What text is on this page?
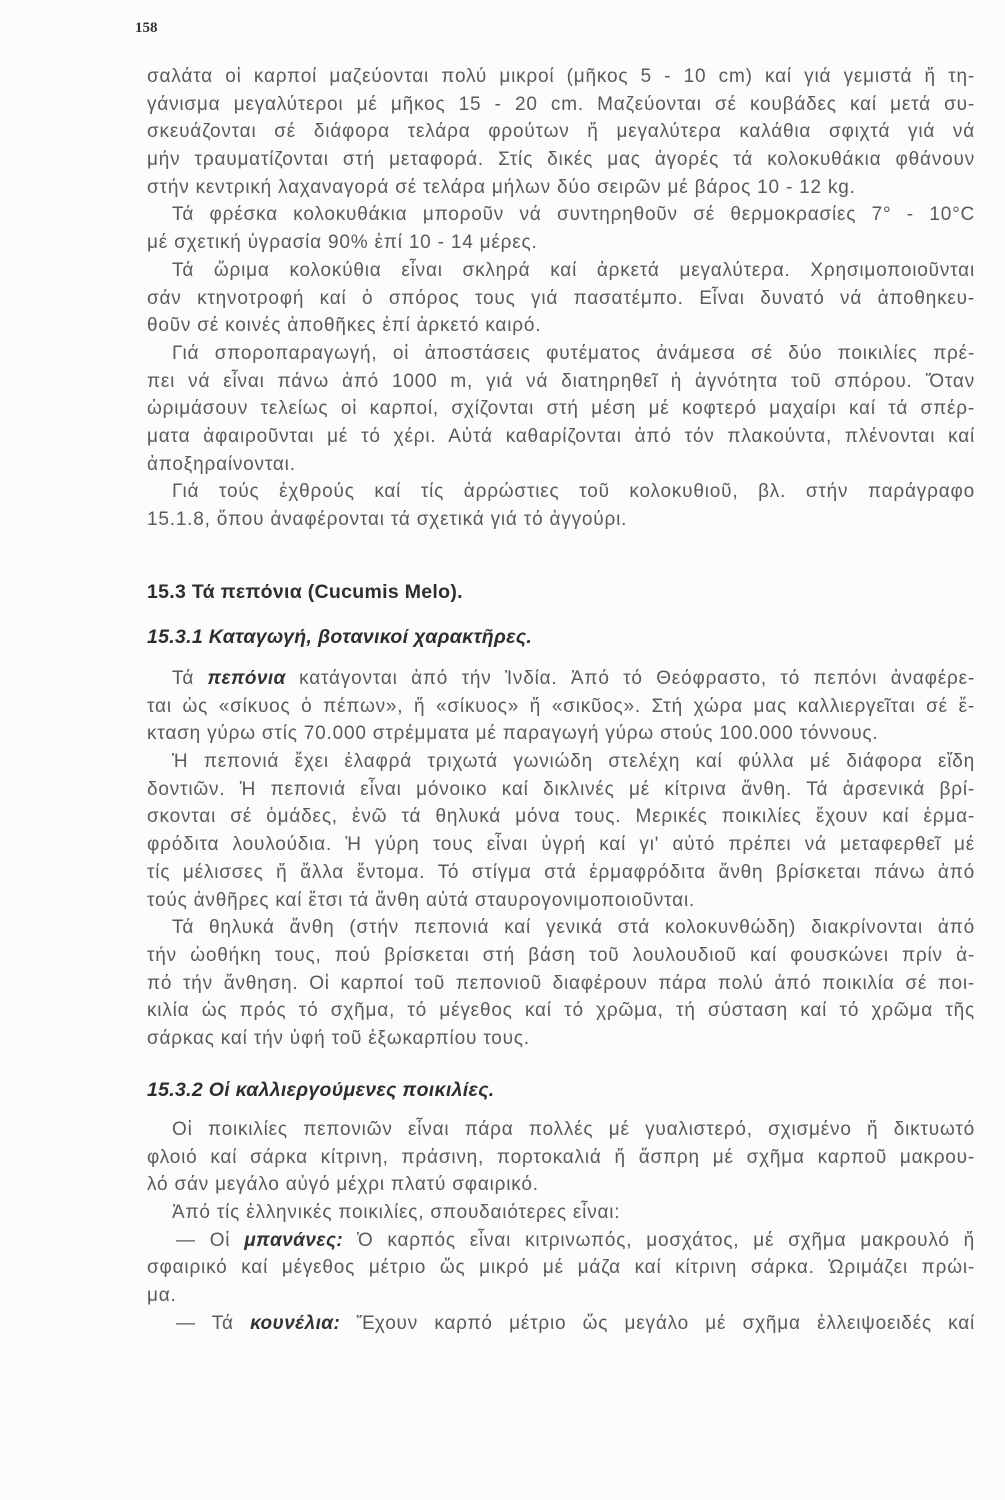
158
σαλάτα οἱ καρποί μαζεύονται πολύ μικροί (μῆκος 5 - 10 cm) καί γιά γεμιστά ἤ τη-
γάνισμα μεγαλύτεροι μέ μῆκος 15 - 20 cm. Μαζεύονται σέ κουβάδες καί μετά συ-
σκευάζονται σέ διάφορα τελάρα φρούτων ἤ μεγαλύτερα καλάθια σφιχτά γιά νά
μήν τραυματίζονται στή μεταφορά. Στίς δικές μας ἀγορές τά κολοκυθάκια φθάνουν
στήν κεντρική λαχαναγορά σέ τελάρα μήλων δύο σειρῶν μέ βάρος 10 - 12 kg.
Τά φρέσκα κολοκυθάκια μποροῦν νά συντηρηθοῦν σέ θερμοκρασίες 7° - 10°C
μέ σχετική ὑγρασία 90% ἐπί 10 - 14 μέρες.
Τά ὥριμα κολοκύθια εἶναι σκληρά καί ἀρκετά μεγαλύτερα. Χρησιμοποιοῦνται
σάν κτηνοτροφή καί ὁ σπόρος τους γιά πασατέμπο. Εἶναι δυνατό νά ἀποθηκευ-
θοῦν σέ κοινές ἀποθῆκες ἐπί ἀρκετό καιρό.
Γιά σποροπαραγωγή, οἱ ἀποστάσεις φυτέματος ἀνάμεσα σέ δύο ποικιλίες πρέ-
πει νά εἶναι πάνω ἀπό 1000 m, γιά νά διατηρηθεῖ ἡ ἁγνότητα τοῦ σπόρου. Ὅταν
ὡριμάσουν τελείως οἱ καρποί, σχίζονται στή μέση μέ κοφτερό μαχαίρι καί τά σπέρ-
ματα ἀφαιροῦνται μέ τό χέρι. Αὐτά καθαρίζονται ἀπό τόν πλακούντα, πλένονται καί
ἀποξηραίνονται.
Γιά τούς ἐχθρούς καί τίς ἀρρώστιες τοῦ κολοκυθιοῦ, βλ. στήν παράγραφο
15.1.8, ὅπου ἀναφέρονται τά σχετικά γιά τό ἀγγούρι.
15.3 Τά πεπόνια (Cucumis Melo).
15.3.1 Καταγωγή, βοτανικοί χαρακτῆρες.
Τά πεπόνια κατάγονται ἀπό τήν Ἰνδία. Ἀπό τό Θεόφραστο, τό πεπόνι ἀναφέρε-
ται ὡς «σίκυος ὁ πέπων», ἤ «σίκυος» ἤ «σικῦος». Στή χώρα μας καλλιεργεῖται σέ ἔ-
κταση γύρω στίς 70.000 στρέμματα μέ παραγωγή γύρω στούς 100.000 τόννους.
Ἡ πεπονιά ἔχει ἐλαφρά τριχωτά γωνιώδη στελέχη καί φύλλα μέ διάφορα εἴδη
δοντιῶν. Ἡ πεπονιά εἶναι μόνοικο καί δικλινές μέ κίτρινα ἄνθη. Τά ἀρσενικά βρί-
σκονται σέ ὁμάδες, ἐνῶ τά θηλυκά μόνα τους. Μερικές ποικιλίες ἔχουν καί ἑρμα-
φρόδιτα λουλούδια. Ἡ γύρη τους εἶναι ὑγρή καί γι' αὐτό πρέπει νά μεταφερθεῖ μέ
τίς μέλισσες ἤ ἄλλα ἔντομα. Τό στίγμα στά ἑρμαφρόδιτα ἄνθη βρίσκεται πάνω ἀπό
τούς ἀνθῆρες καί ἔτσι τά ἄνθη αὐτά σταυρογονιμοποιοῦνται.
Τά θηλυκά ἄνθη (στήν πεπονιά καί γενικά στά κολοκυνθώδη) διακρίνονται ἀπό
τήν ὠοθήκη τους, πού βρίσκεται στή βάση τοῦ λουλουδιοῦ καί φουσκώνει πρίν ἀ-
πό τήν ἄνθηση. Οἱ καρποί τοῦ πεπονιοῦ διαφέρουν πάρα πολύ ἀπό ποικιλία σέ ποι-
κιλία ὡς πρός τό σχῆμα, τό μέγεθος καί τό χρῶμα, τή σύσταση καί τό χρῶμα τῆς
σάρκας καί τήν ὑφή τοῦ ἐξωκαρπίου τους.
15.3.2 Οἱ καλλιεργούμενες ποικιλίες.
Οἱ ποικιλίες πεπονιῶν εἶναι πάρα πολλές μέ γυαλιστερό, σχισμένο ἤ δικτυωτό
φλοιό καί σάρκα κίτρινη, πράσινη, πορτοκαλιά ἤ ἄσπρη μέ σχῆμα καρποῦ μακρου-
λό σάν μεγάλο αὐγό μέχρι πλατύ σφαιρικό.
Ἀπό τίς ἑλληνικές ποικιλίες, σπουδαιότερες εἶναι:
— Οἱ μπανάνες: Ὁ καρπός εἶναι κιτρινωπός, μοσχάτος, μέ σχῆμα μακρουλό ἤ
σφαιρικό καί μέγεθος μέτριο ὥς μικρό μέ μάζα καί κίτρινη σάρκα. Ὡριμάζει πρώι-
μα.
— Τά κουνέλια: Ἔχουν καρπό μέτριο ὥς μεγάλο μέ σχῆμα ἐλλειψοειδές καί
